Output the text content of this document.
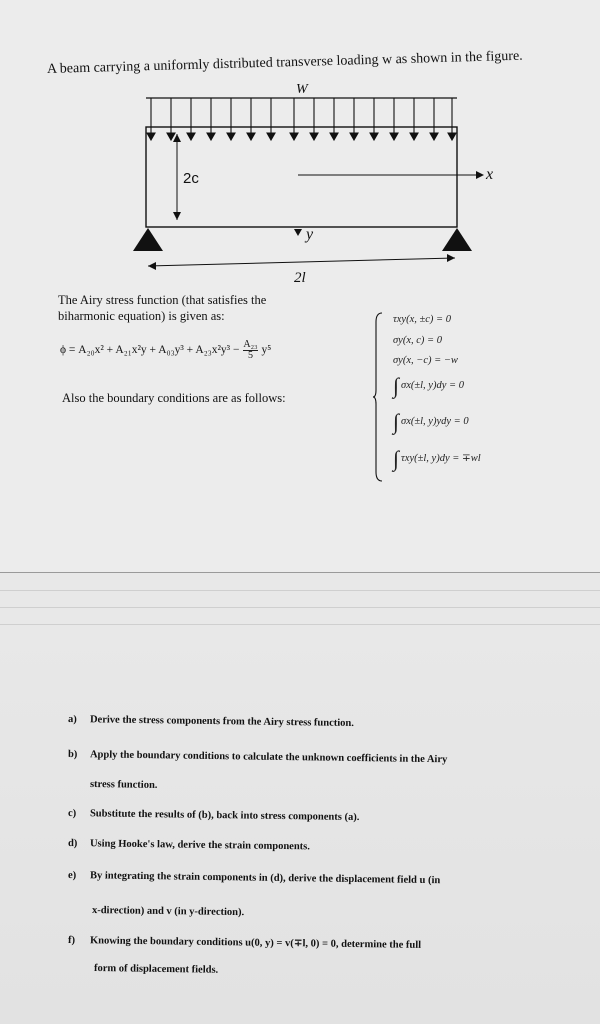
A beam carrying a uniformly distributed transverse loading w as shown in the figure.
W
2c	x
y
2l
The Airy stress function (that satisfies the
biharmonic equation) is given as:
$\phi = A_{20}x^2 + A_{21}x^2y + A_{03}y^3 + A_{23}x^2y^3 - \frac{\text{A₂₃}}{5} y^5$
Also the boundary conditions are as follows:
τxy(x, ±c) = 0
σy(x, c) = 0
σy(x, −c) = −w
∫ σx(±l, y)dy = 0
∫ σx(±l, y)ydy = 0
∫ τxy(±l, y)dy = ∓wl
a) Derive the stress components from the Airy stress function.
b) Apply the boundary conditions to calculate the unknown coefficients in the Airy
stress function.
c) Substitute the results of (b), back into stress components (a).
d) Using Hooke's law, derive the strain components.
e) By integrating the strain components in (d), derive the displacement field u (in
x-direction) and v (in y-direction).
f) Knowing the boundary conditions u(0, y) = v(∓l, 0) = 0, determine the full
form of displacement fields.
